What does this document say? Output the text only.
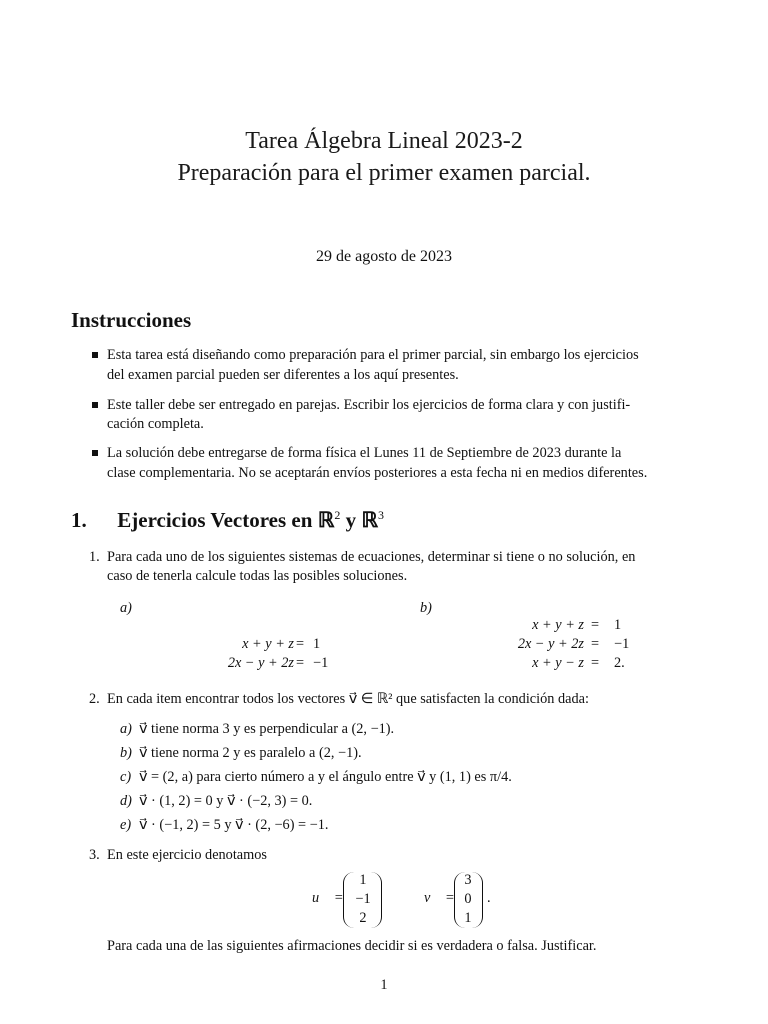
Tarea Álgebra Lineal 2023-2
Preparación para el primer examen parcial.
29 de agosto de 2023
Instrucciones
Esta tarea está diseñando como preparación para el primer parcial, sin embargo los ejercicios
del examen parcial pueden ser diferentes a los aquí presentes.
Este taller debe ser entregado en parejas. Escribir los ejercicios de forma clara y con justifi-
cación completa.
La solución debe entregarse de forma física el Lunes 11 de Septiembre de 2023 durante la
clase complementaria. No se aceptarán envíos posteriores a esta fecha ni en medios diferentes.
1. Ejercicios Vectores en ℝ$^2$ y ℝ$^3$
1. Para cada uno de los siguientes sistemas de ecuaciones, determinar si tiene o no solución, en
caso de tenerla calcule todas las posibles soluciones.
a)	b)
x + y + z = 1
2x − y + 2z = −1
x + y + z = 1
2x − y + 2z = −1
x + y − z = 2.
2. En cada item encontrar todos los vectores v⃗ ∈ ℝ² que satisfacten la condición dada:
a) v⃗ tiene norma 3 y es perpendicular a (2, −1).
b) v⃗ tiene norma 2 y es paralelo a (2, −1).
c) v⃗ = (2, a) para cierto número a y el ángulo entre v⃗ y (1, 1) es π/4.
d) v⃗ · (1, 2) = 0 y v⃗ · (−2, 3) = 0.
e) v⃗ · (−1, 2) = 5 y v⃗ · (2, −6) = −1.
3. En este ejercicio denotamos
u⃗ =
1
−1
2
v⃗ =
3
0
1
.
Para cada una de las siguientes afirmaciones decidir si es verdadera o falsa. Justificar.
1
